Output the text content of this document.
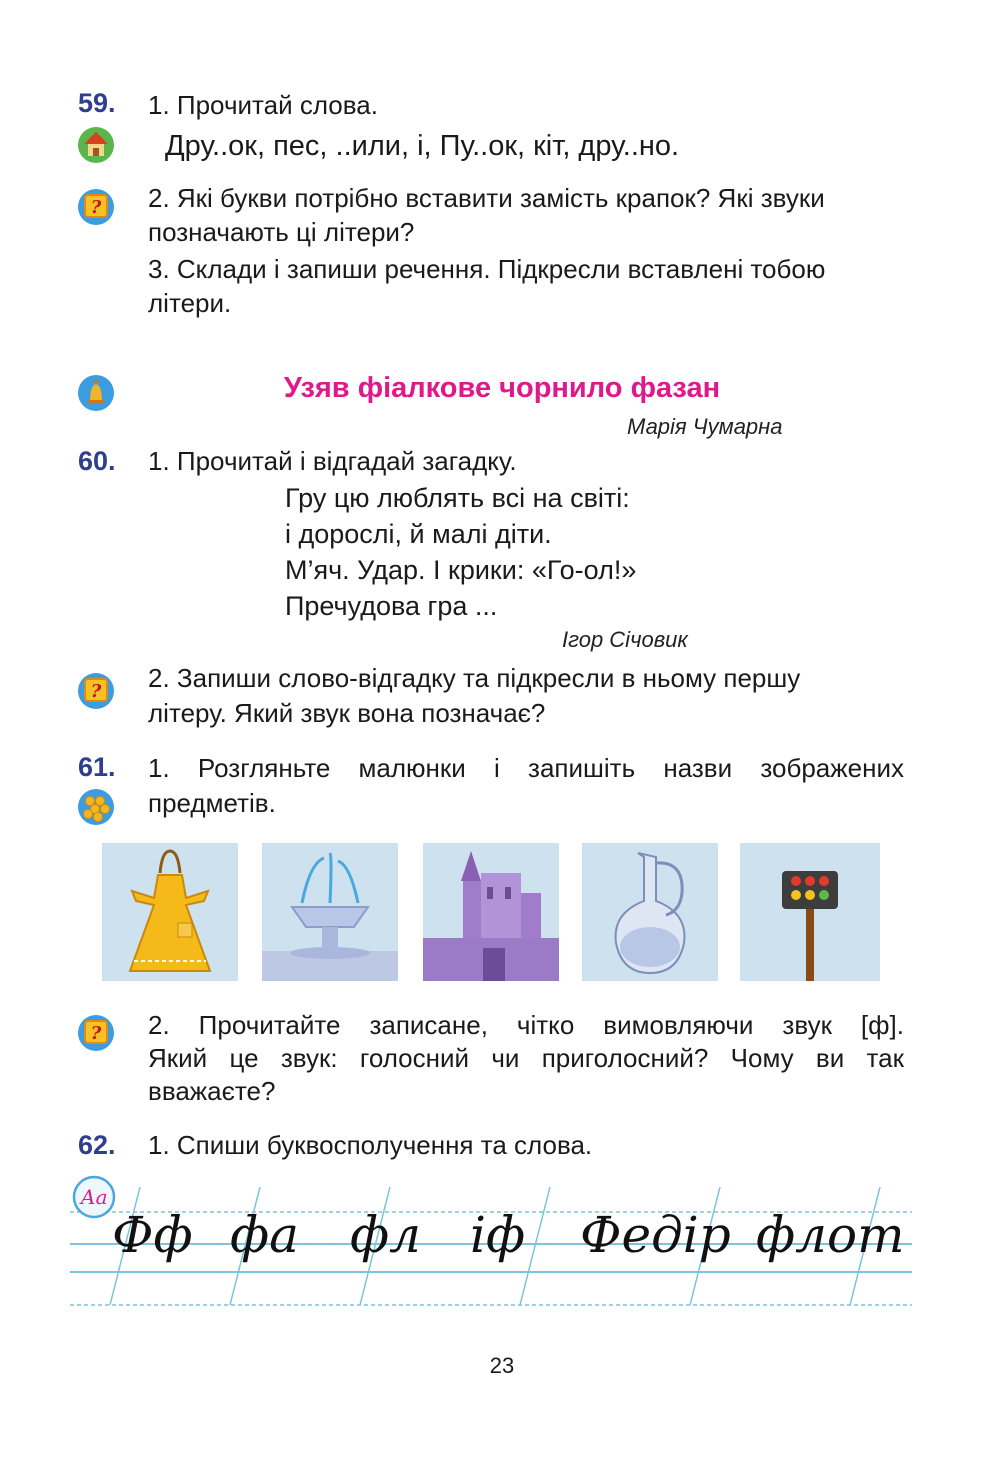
59. 1. Прочитай слова.
Дру..ок, пес, ..или, і, Пу..ок, кіт, дру..но.
? 2. Які букви потрібно вставити замість крапок? Які звуки
позначають ці літери?
3. Склади і запиши речення. Підкресли вставлені тобою
літери.
Узяв фіалкове чорнило фазан
Марія Чумарна
60. 1. Прочитай і відгадай загадку.
Гру цю люблять всі на світі:
і дорослі, й малі діти.
М’яч. Удар. І крики: «Го-ол!»
Пречудова гра ...
Ігор Січовик
? 2. Запиши слово-відгадку та підкресли в ньому першу
літеру. Який звук вона позначає?
61. 1. Розгляньте малюнки і запишіть назви зображених
предметів.
? 2. Прочитайте записане, чітко вимовляючи звук [ф].
Який це звук: голосний чи приголосний? Чому ви так
вважаєте?
62. 1. Спиши буквосполучення та слова.
Аа
Фф фа фл іф Федір флот
23
